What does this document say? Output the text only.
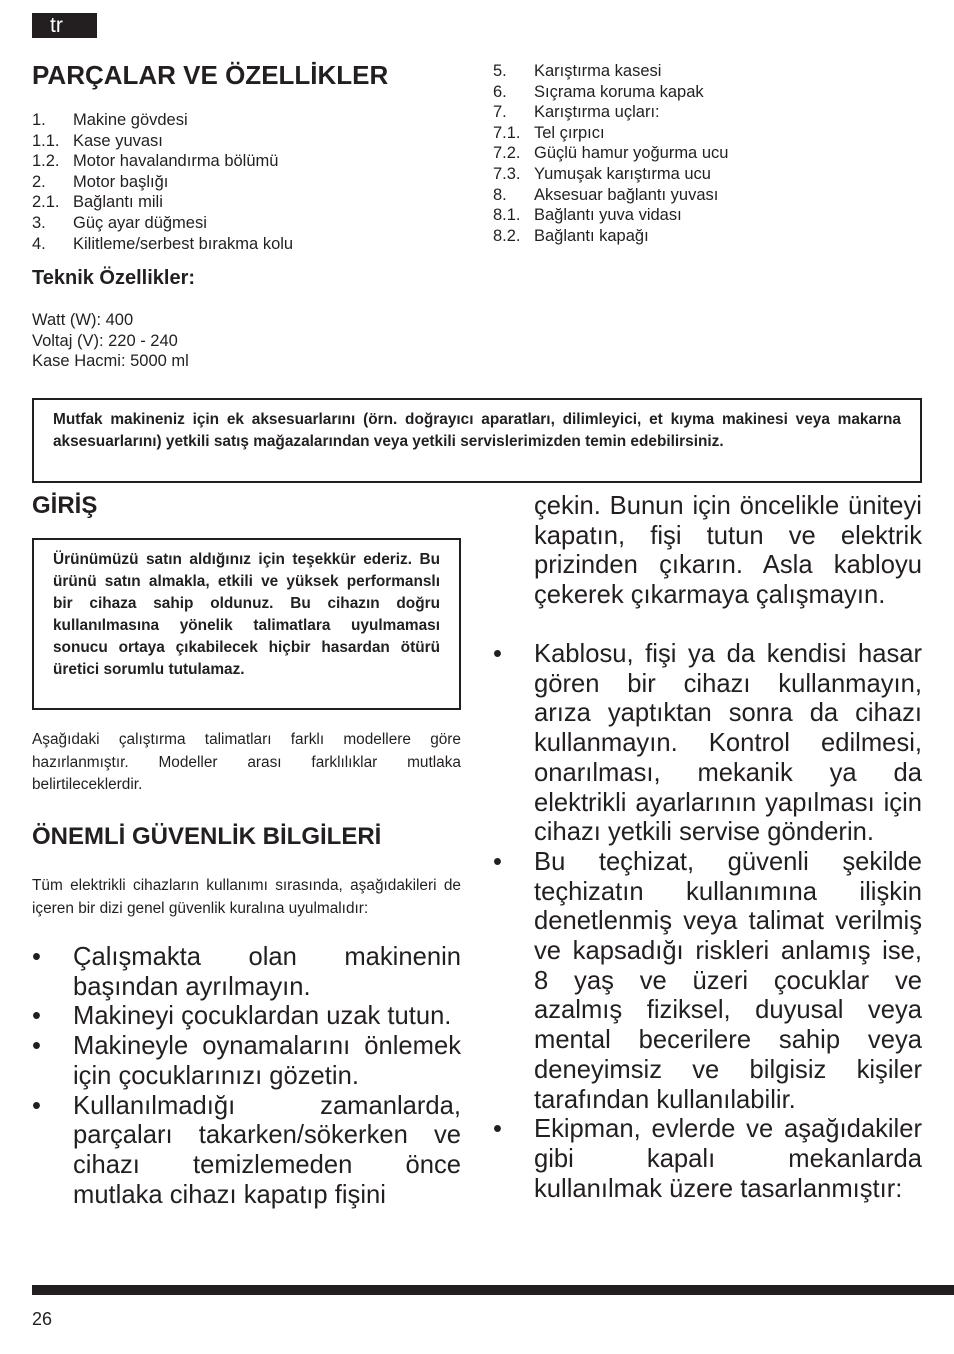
tr
PARÇALAR VE ÖZELLİKLER
1.	Makine gövdesi
1.1. Kase yuvası
1.2. Motor havalandırma bölümü
2.	Motor başlığı
2.1. Bağlantı mili
3.	Güç ayar düğmesi
4.	Kilitleme/serbest bırakma kolu
5.	Karıştırma kasesi
6.	Sıçrama koruma kapak
7.	Karıştırma uçları:
7.1. Tel çırpıcı
7.2. Güçlü hamur yoğurma ucu
7.3. Yumuşak karıştırma ucu
8.	Aksesuar bağlantı yuvası
8.1. Bağlantı yuva vidası
8.2. Bağlantı kapağı
Teknik Özellikler:
Watt (W): 400
Voltaj (V): 220 - 240
Kase Hacmi: 5000 ml
Mutfak makineniz için ek aksesuarlarını (örn. doğrayıcı aparatları, dilimleyici, et kıyma makinesi veya makarna aksesuarlarını) yetkili satış mağazalarından veya yetkili servislerimizden temin edebilirsiniz.
GİRİŞ
Ürünümüzü satın aldığınız için teşekkür ederiz. Bu ürünü satın almakla, etkili ve yüksek performanslı bir cihaza sahip oldunuz. Bu cihazın doğru kullanılmasına yönelik talimatlara uyulmaması sonucu ortaya çıkabilecek hiçbir hasardan ötürü üretici sorumlu tutulamaz.
Aşağıdaki çalıştırma talimatları farklı modellere göre hazırlanmıştır. Modeller arası farklılıklar mutlaka belirtileceklerdir.
ÖNEMLİ GÜVENLİK BİLGİLERİ
Tüm elektrikli cihazların kullanımı sırasında, aşağıdakileri de içeren bir dizi genel güvenlik kuralına uyulmalıdır:
• Çalışmakta olan makinenin başından ayrılmayın.
• Makineyi çocuklardan uzak tutun.
• Makineyle oynamalarını önlemek için çocuklarınızı gözetin.
• Kullanılmadığı zamanlarda, parçaları takarken/sökerken ve cihazı temizlemeden önce mutlaka cihazı kapatıp fişini
çekin. Bunun için öncelikle üniteyi kapatın, fişi tutun ve elektrik prizinden çıkarın. Asla kabloyu çekerek çıkarmaya çalışmayın.
• Kablosu, fişi ya da kendisi hasar gören bir cihazı kullanmayın, arıza yaptıktan sonra da cihazı kullanmayın. Kontrol edilmesi, onarılması, mekanik ya da elektrikli ayarlarının yapılması için cihazı yetkili servise gönderin.
• Bu teçhizat, güvenli şekilde teçhizatın kullanımına ilişkin denetlenmiş veya talimat verilmiş ve kapsadığı riskleri anlamış ise, 8 yaş ve üzeri çocuklar ve azalmış fiziksel, duyusal veya mental becerilere sahip veya deneyimsiz ve bilgisiz kişiler tarafından kullanılabilir.
• Ekipman, evlerde ve aşağıdakiler gibi kapalı mekanlarda kullanılmak üzere tasarlanmıştır:
26
